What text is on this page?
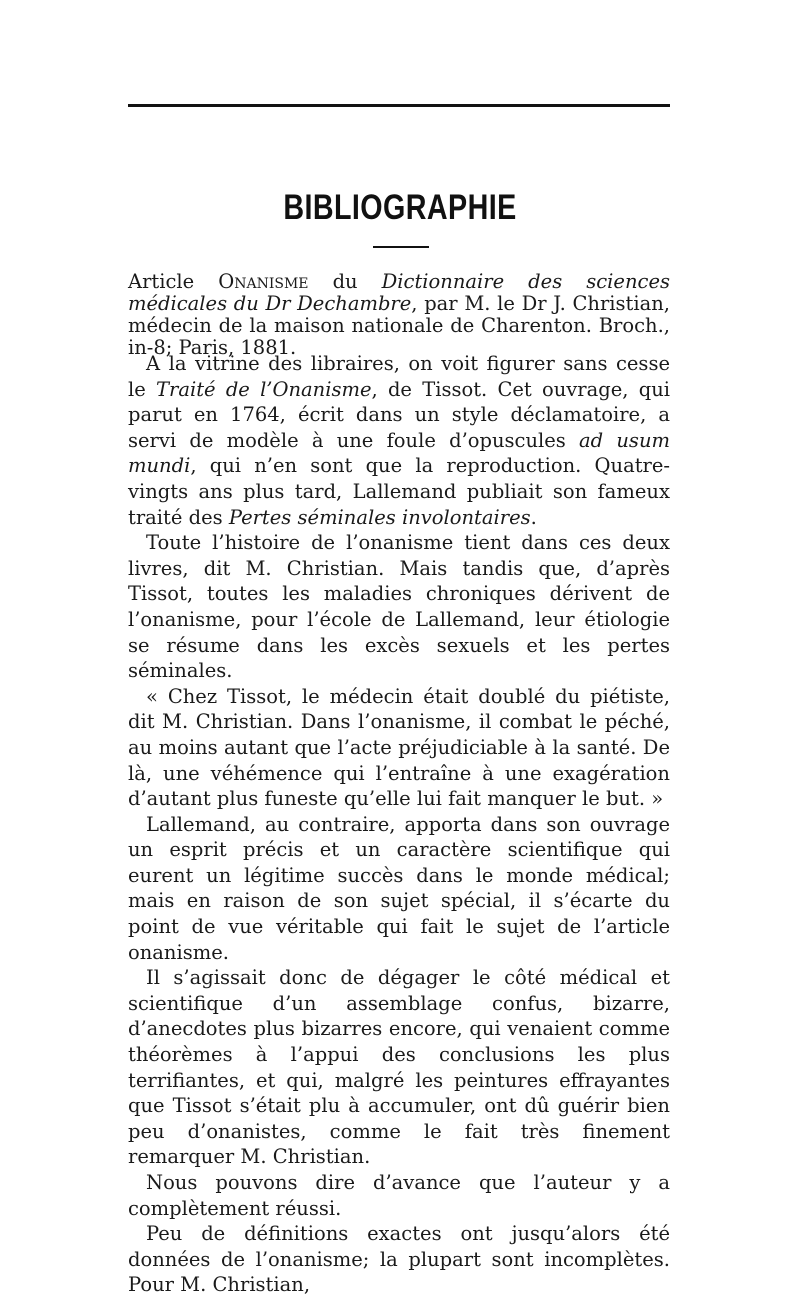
BIBLIOGRAPHIE
Article Onanisme du Dictionnaire des sciences médicales du Dr Dechambre, par M. le Dr J. Christian, médecin de la maison nationale de Charenton. Broch., in-8; Paris, 1881.

A la vitrine des libraires, on voit figurer sans cesse le Traité de l’Onanisme, de Tissot. Cet ouvrage, qui parut en 1764, écrit dans un style déclamatoire, a servi de modèle à une foule d’opuscules ad usum mundi, qui n’en sont que la reproduction. Quatre-vingts ans plus tard, Lallemand publiait son fameux traité des Pertes séminales involontaires.

Toute l’histoire de l’onanisme tient dans ces deux livres, dit M. Christian. Mais tandis que, d’après Tissot, toutes les maladies chroniques dérivent de l’onanisme, pour l’école de Lallemand, leur étiologie se résume dans les excès sexuels et les pertes séminales.

« Chez Tissot, le médecin était doublé du piétiste, dit M. Christian. Dans l’onanisme, il combat le péché, au moins autant que l’acte préjudiciable à la santé. De là, une véhémence qui l’entraîne à une exagération d’autant plus funeste qu’elle lui fait manquer le but. »

Lallemand, au contraire, apporta dans son ouvrage un esprit précis et un caractère scientifique qui eurent un légitime succès dans le monde médical; mais en raison de son sujet spécial, il s’écarte du point de vue véritable qui fait le sujet de l’article onanisme.

Il s’agissait donc de dégager le côté médical et scientifique d’un assemblage confus, bizarre, d’anecdotes plus bizarres encore, qui venaient comme théorèmes à l’appui des conclusions les plus terrifiantes, et qui, malgré les peintures effrayantes que Tissot s’était plu à accumuler, ont dû guérir bien peu d’onanistes, comme le fait très finement remarquer M. Christian.

Nous pouvons dire d’avance que l’auteur y a complètement réussi.

Peu de définitions exactes ont jusqu’alors été données de l’onanisme; la plupart sont incomplètes. Pour M. Christian,
